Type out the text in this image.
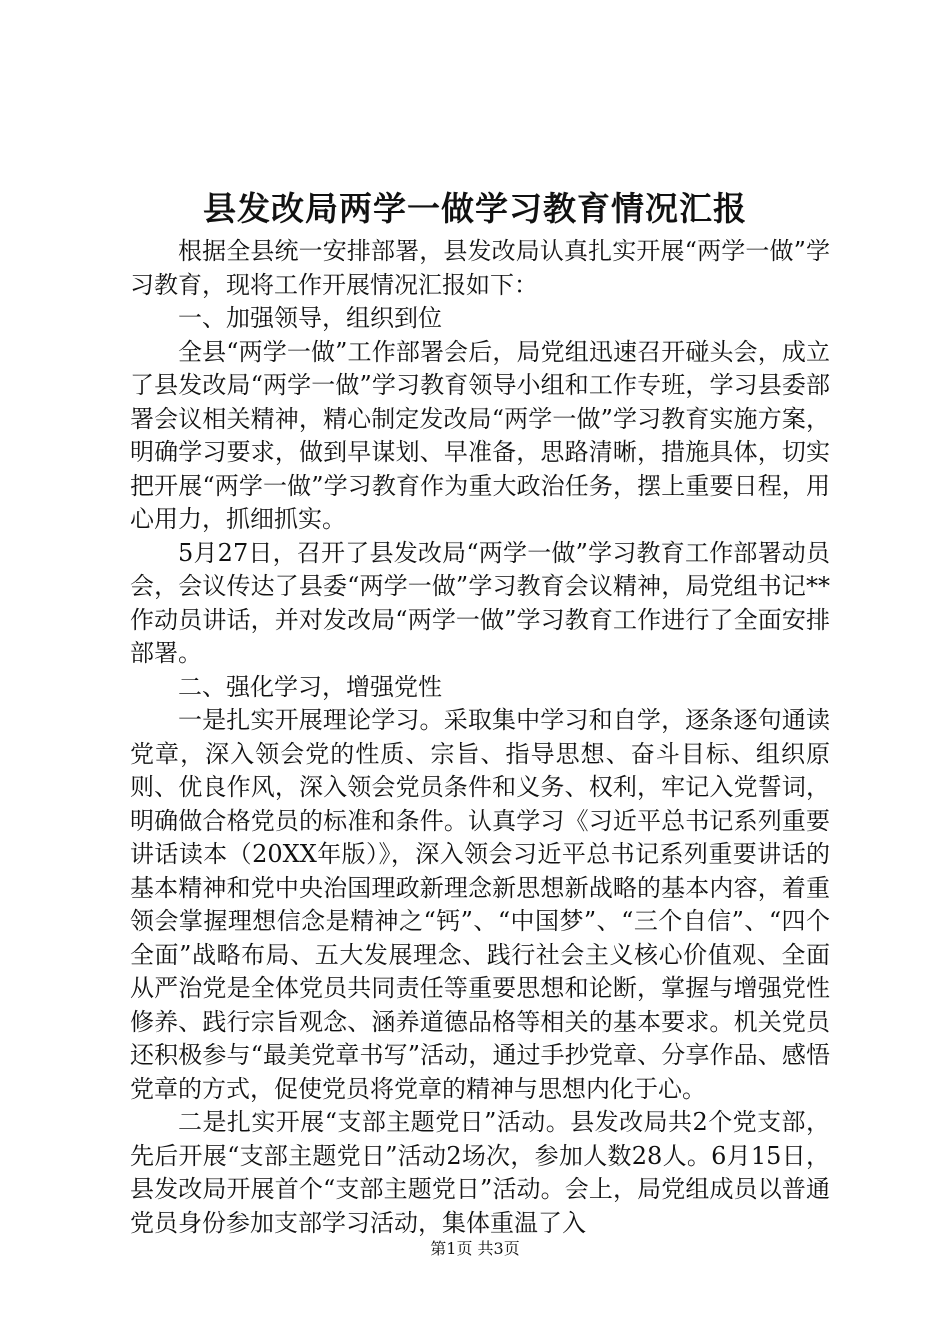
县发改局两学一做学习教育情况汇报

根据全县统一安排部署，县发改局认真扎实开展“两学一做”学习教育，现将工作开展情况汇报如下：

一、加强领导，组织到位

全县“两学一做”工作部署会后，局党组迅速召开碰头会，成立了县发改局“两学一做”学习教育领导小组和工作专班，学习县委部署会议相关精神，精心制定发改局“两学一做”学习教育实施方案，明确学习要求，做到早谋划、早准备，思路清晰，措施具体，切实把开展“两学一做”学习教育作为重大政治任务，摆上重要日程，用心用力，抓细抓实。

5月27日，召开了县发改局“两学一做”学习教育工作部署动员会，会议传达了县委“两学一做”学习教育会议精神，局党组书记**作动员讲话，并对发改局“两学一做”学习教育工作进行了全面安排部署。

二、强化学习，增强党性

一是扎实开展理论学习。采取集中学习和自学，逐条逐句通读党章，深入领会党的性质、宗旨、指导思想、奋斗目标、组织原则、优良作风，深入领会党员条件和义务、权利，牢记入党誓词，明确做合格党员的标准和条件。认真学习《习近平总书记系列重要讲话读本（20XX年版）》，深入领会习近平总书记系列重要讲话的基本精神和党中央治国理政新理念新思想新战略的基本内容，着重领会掌握理想信念是精神之“钙”、“中国梦”、“三个自信”、“四个全面”战略布局、五大发展理念、践行社会主义核心价值观、全面从严治党是全体党员共同责任等重要思想和论断，掌握与增强党性修养、践行宗旨观念、涵养道德品格等相关的基本要求。机关党员还积极参与“最美党章书写”活动，通过手抄党章、分享作品、感悟党章的方式，促使党员将党章的精神与思想内化于心。

二是扎实开展“支部主题党日”活动。县发改局共2个党支部，先后开展“支部主题党日”活动2场次，参加人数28人。6月15日，县发改局开展首个“支部主题党日”活动。会上，局党组成员以普通党员身份参加支部学习活动，集体重温了入

第1页 共3页
